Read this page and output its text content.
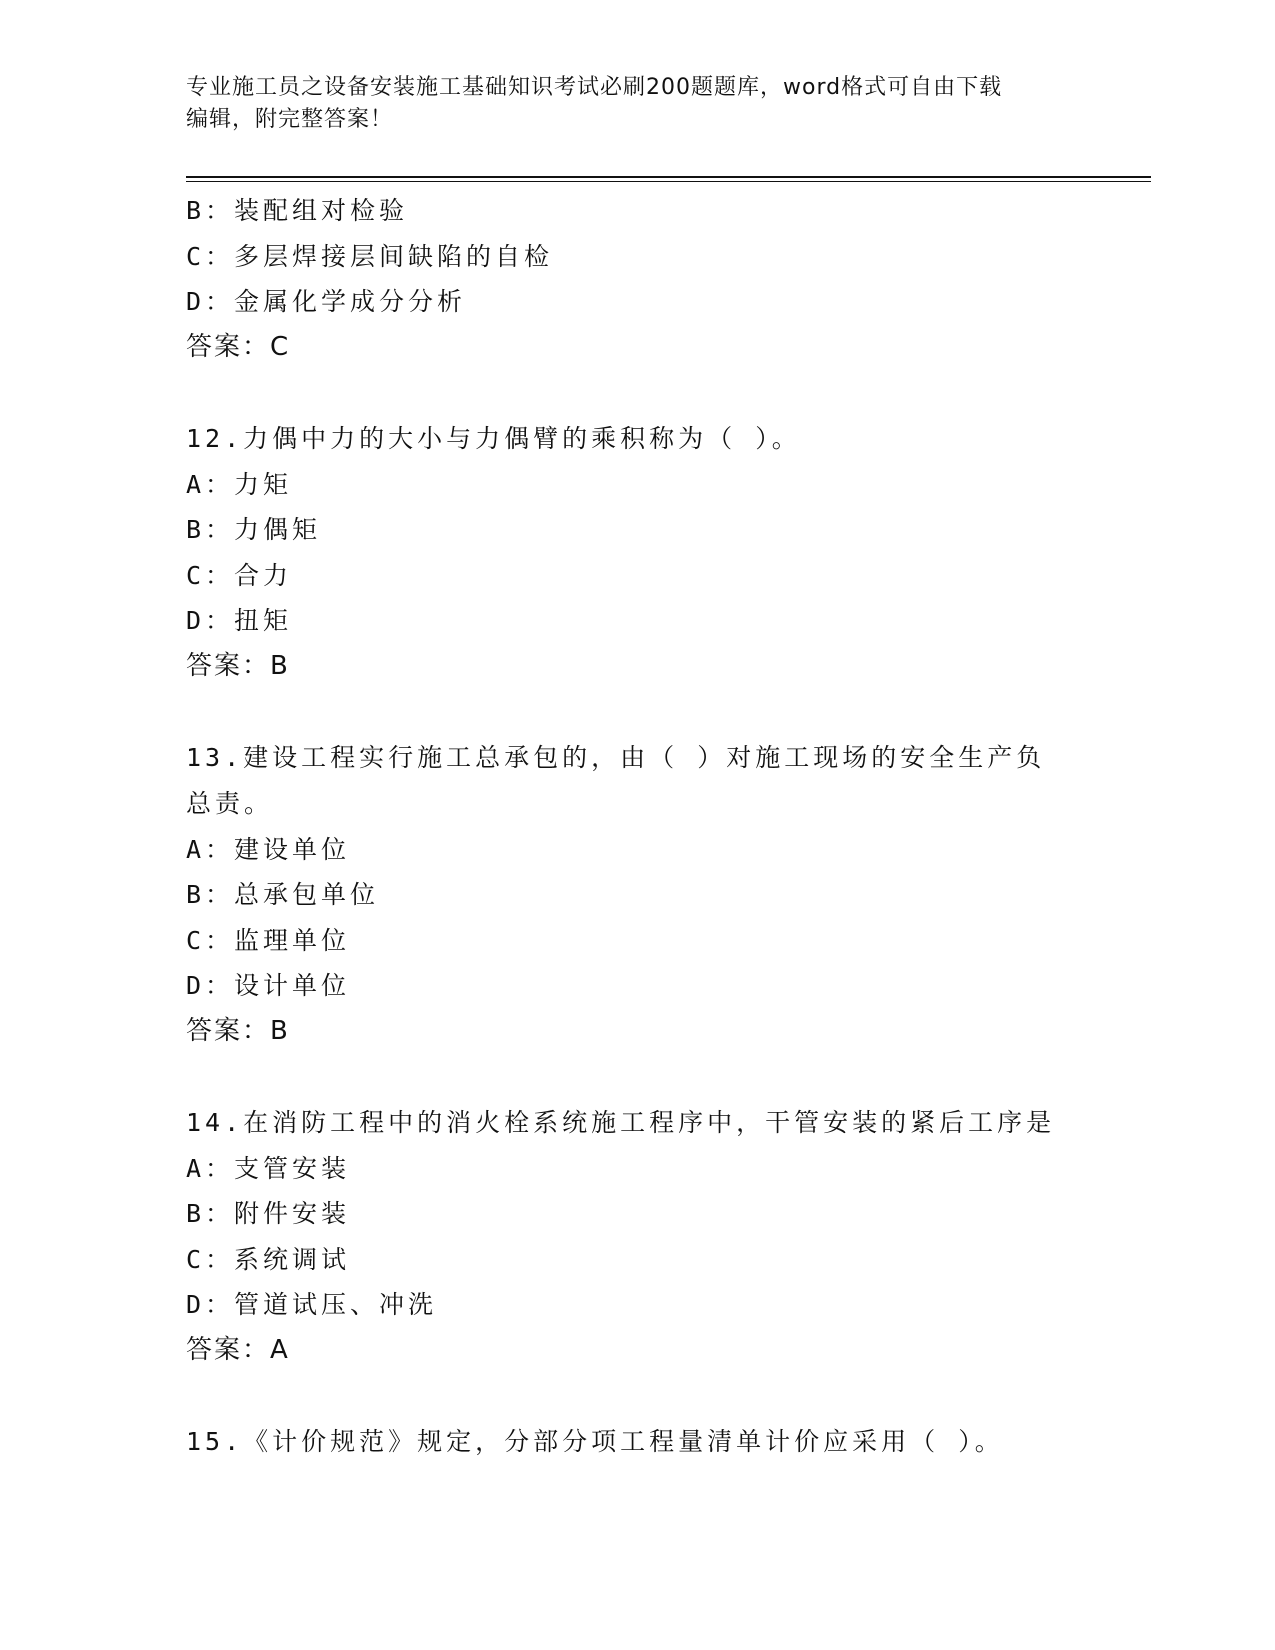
专业施工员之设备安装施工基础知识考试必刷200题题库，word格式可自由下载
编辑，附完整答案！
B：装配组对检验
C：多层焊接层间缺陷的自检
D：金属化学成分分析
答案：C
12.力偶中力的大小与力偶臂的乘积称为（ ）。
A：力矩
B：力偶矩
C：合力
D：扭矩
答案：B
13.建设工程实行施工总承包的，由（ ）对施工现场的安全生产负总责。
A：建设单位
B：总承包单位
C：监理单位
D：设计单位
答案：B
14.在消防工程中的消火栓系统施工程序中，干管安装的紧后工序是
A：支管安装
B：附件安装
C：系统调试
D：管道试压、冲洗
答案：A
15.《计价规范》规定，分部分项工程量清单计价应采用（ ）。
